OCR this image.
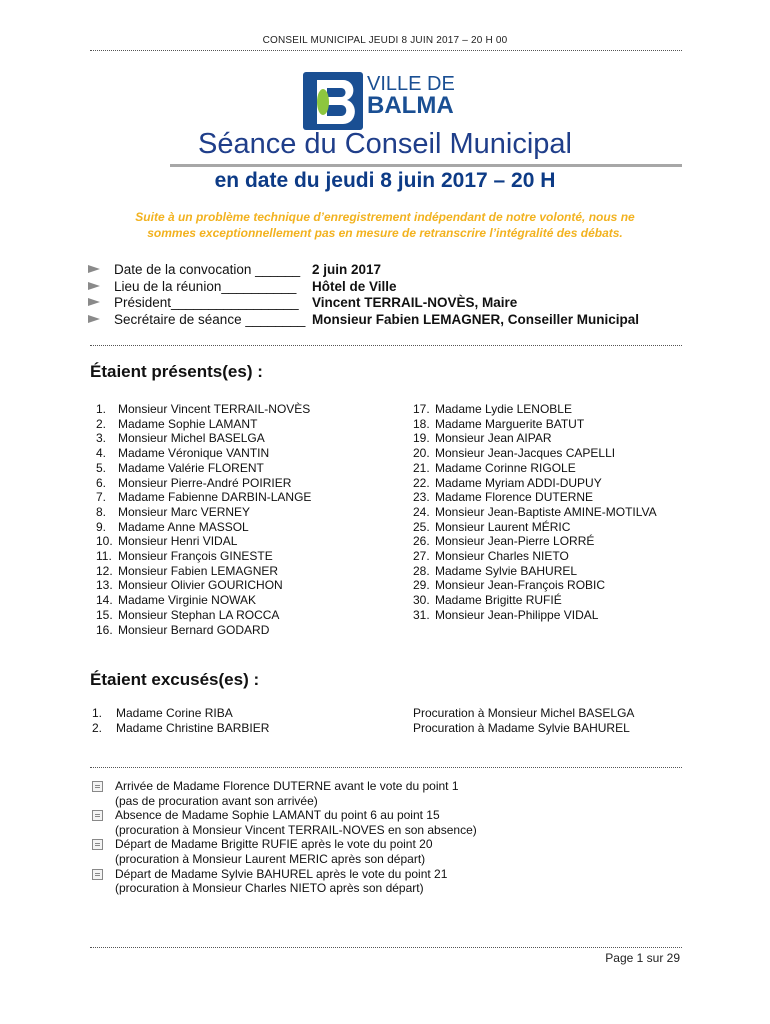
CONSEIL MUNICIPAL JEUDI 8 JUIN 2017 – 20 H 00
VILLE DE
BALMA
Séance du Conseil Municipal
en date du jeudi 8 juin 2017 – 20 H
Suite à un problème technique d’enregistrement indépendant de notre volonté, nous ne
sommes exceptionnellement pas en mesure de retranscrire l’intégralité des débats.
Date de la convocation ______ 2 juin 2017
Lieu de la réunion__________ Hôtel de Ville
Président_________________ Vincent TERRAIL-NOVÈS, Maire
Secrétaire de séance ________ Monsieur Fabien LEMAGNER, Conseiller Municipal
Étaient présents(es) :
1. Monsieur Vincent TERRAIL-NOVÈS
2. Madame Sophie LAMANT
3. Monsieur Michel BASELGA
4. Madame Véronique VANTIN
5. Madame Valérie FLORENT
6. Monsieur Pierre-André POIRIER
7. Madame Fabienne DARBIN-LANGE
8. Monsieur Marc VERNEY
9. Madame Anne MASSOL
10. Monsieur Henri VIDAL
11. Monsieur François GINESTE
12. Monsieur Fabien LEMAGNER
13. Monsieur Olivier GOURICHON
14. Madame Virginie NOWAK
15. Monsieur Stephan LA ROCCA
16. Monsieur Bernard GODARD
17. Madame Lydie LENOBLE
18. Madame Marguerite BATUT
19. Monsieur Jean AIPAR
20. Monsieur Jean-Jacques CAPELLI
21. Madame Corinne RIGOLE
22. Madame Myriam ADDI-DUPUY
23. Madame Florence DUTERNE
24. Monsieur Jean-Baptiste AMINE-MOTILVA
25. Monsieur Laurent MÉRIC
26. Monsieur Jean-Pierre LORRÉ
27. Monsieur Charles NIETO
28. Madame Sylvie BAHUREL
29. Monsieur Jean-François ROBIC
30. Madame Brigitte RUFIÉ
31. Monsieur Jean-Philippe VIDAL
Étaient excusés(es) :
1.	Madame Corine RIBA	Procuration à Monsieur Michel BASELGA
2.	Madame Christine BARBIER	Procuration à Madame Sylvie BAHUREL
Arrivée de Madame Florence DUTERNE avant le vote du point 1
(pas de procuration avant son arrivée)
Absence de Madame Sophie LAMANT du point 6 au point 15
(procuration à Monsieur Vincent TERRAIL-NOVES en son absence)
Départ de Madame Brigitte RUFIE après le vote du point 20
(procuration à Monsieur Laurent MERIC après son départ)
Départ de Madame Sylvie BAHUREL après le vote du point 21
(procuration à Monsieur Charles NIETO après son départ)
Page 1 sur 29
